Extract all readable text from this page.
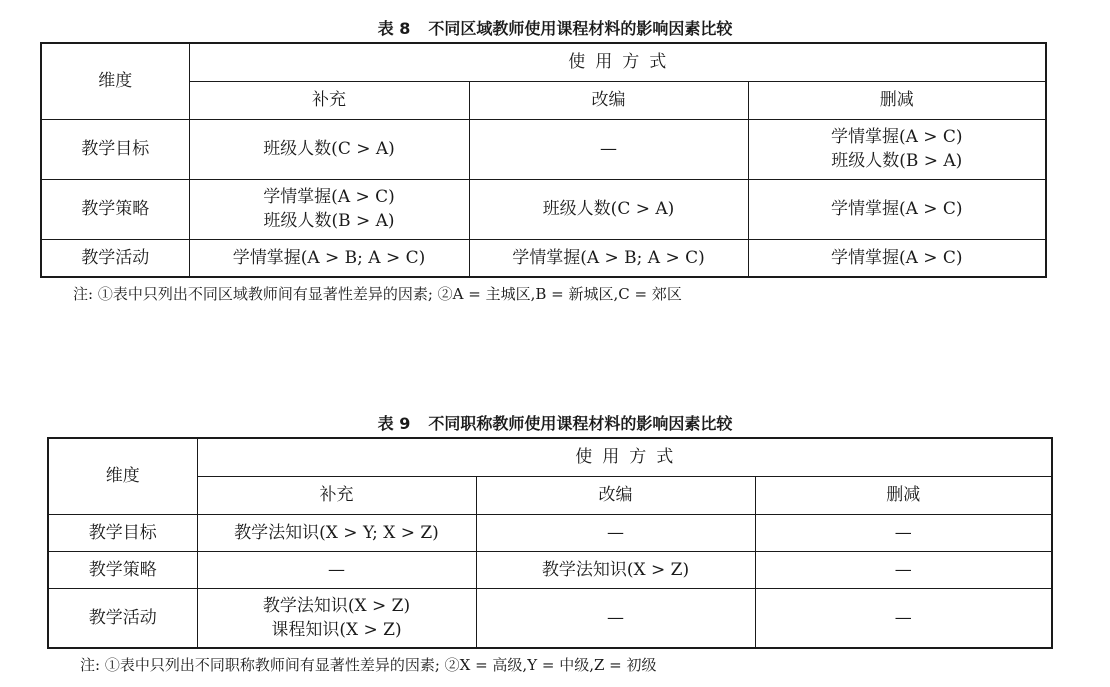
表 8 不同区域教师使用课程材料的影响因素比较
维度	使用方式		
	补充	改编	删减
教学目标	班级人数(C > A)	—	学情掌握(A > C)
班级人数(B > A)

教学策略	学情掌握(A > C)
班级人数(B > A)	班级人数(C > A)	学情掌握(A > C)

教学活动	学情掌握(A > B; A > C)	学情掌握(A > B; A > C)	学情掌握(A > C)
注: ①表中只列出不同区域教师间有显著性差异的因素; ②A = 主城区,B = 新城区,C = 郊区
表 9 不同职称教师使用课程材料的影响因素比较
维度	使用方式		
	补充	改编	删减
教学目标	教学法知识(X > Y; X > Z)	—	—

教学策略	—	教学法知识(X > Z)	—

教学活动	教学法知识(X > Z)
课程知识(X > Z)	—	—
注: ①表中只列出不同职称教师间有显著性差异的因素; ②X = 高级,Y = 中级,Z = 初级
